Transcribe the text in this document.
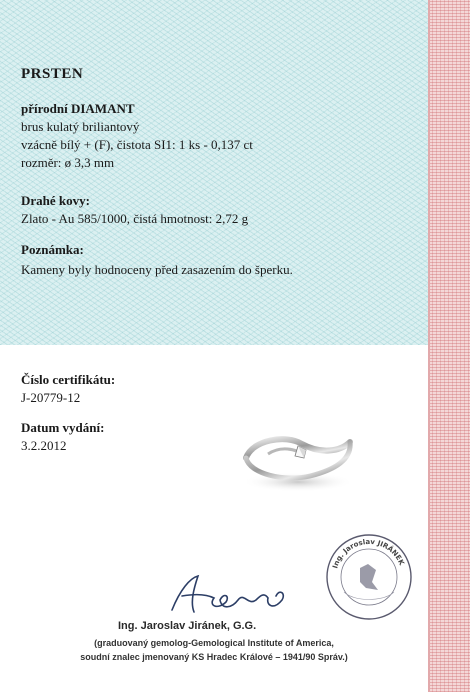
PRSTEN
přírodní DIAMANT
brus kulatý briliantový
vzácně bílý + (F), čistota SI1: 1 ks - 0,137 ct
rozměr: ø 3,3 mm
Drahé kovy:
Zlato - Au 585/1000, čistá hmotnost: 2,72 g
Poznámka:
Kameny byly hodnoceny před zasazením do šperku.
Číslo certifikátu:
J-20779-12
Datum vydání:
3.2.2012
Ing. Jaroslav Jiránek, G.G.
(graduovaný gemolog-Gemological Institute of America,
soudní znalec jmenovaný KS Hradec Králové – 1941/90 Správ.)
Ing. Jaroslav JIRÁNEK
